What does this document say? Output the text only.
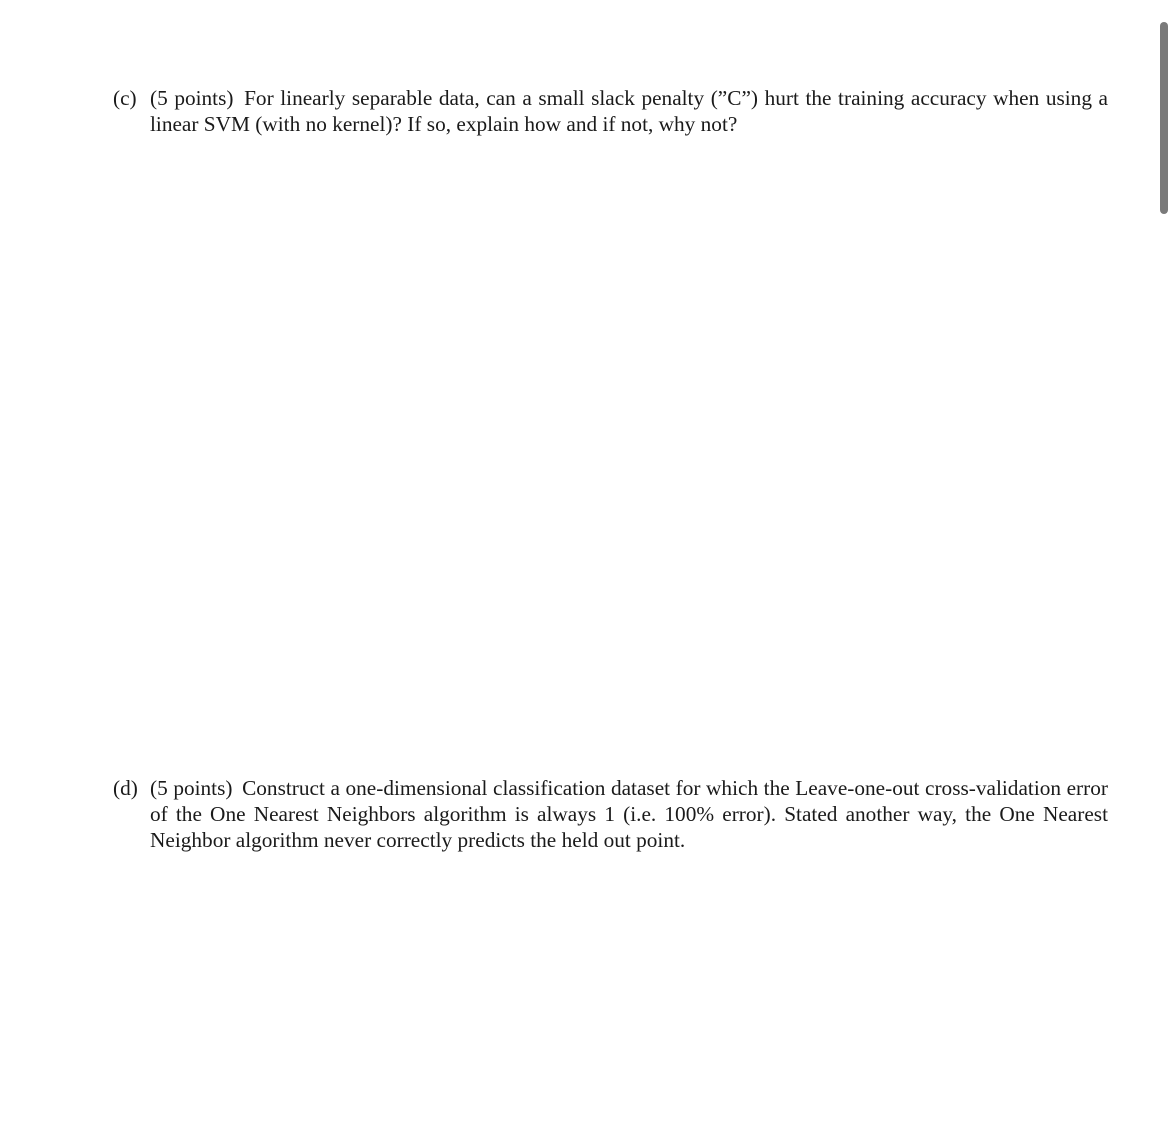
(c) (5 points) For linearly separable data, can a small slack penalty (”C”) hurt the training accuracy when using a linear SVM (with no kernel)? If so, explain how and if not, why not?
(d) (5 points) Construct a one-dimensional classification dataset for which the Leave-one-out cross-validation error of the One Nearest Neighbors algorithm is always 1 (i.e. 100% error). Stated another way, the One Nearest Neighbor algorithm never correctly predicts the held out point.
